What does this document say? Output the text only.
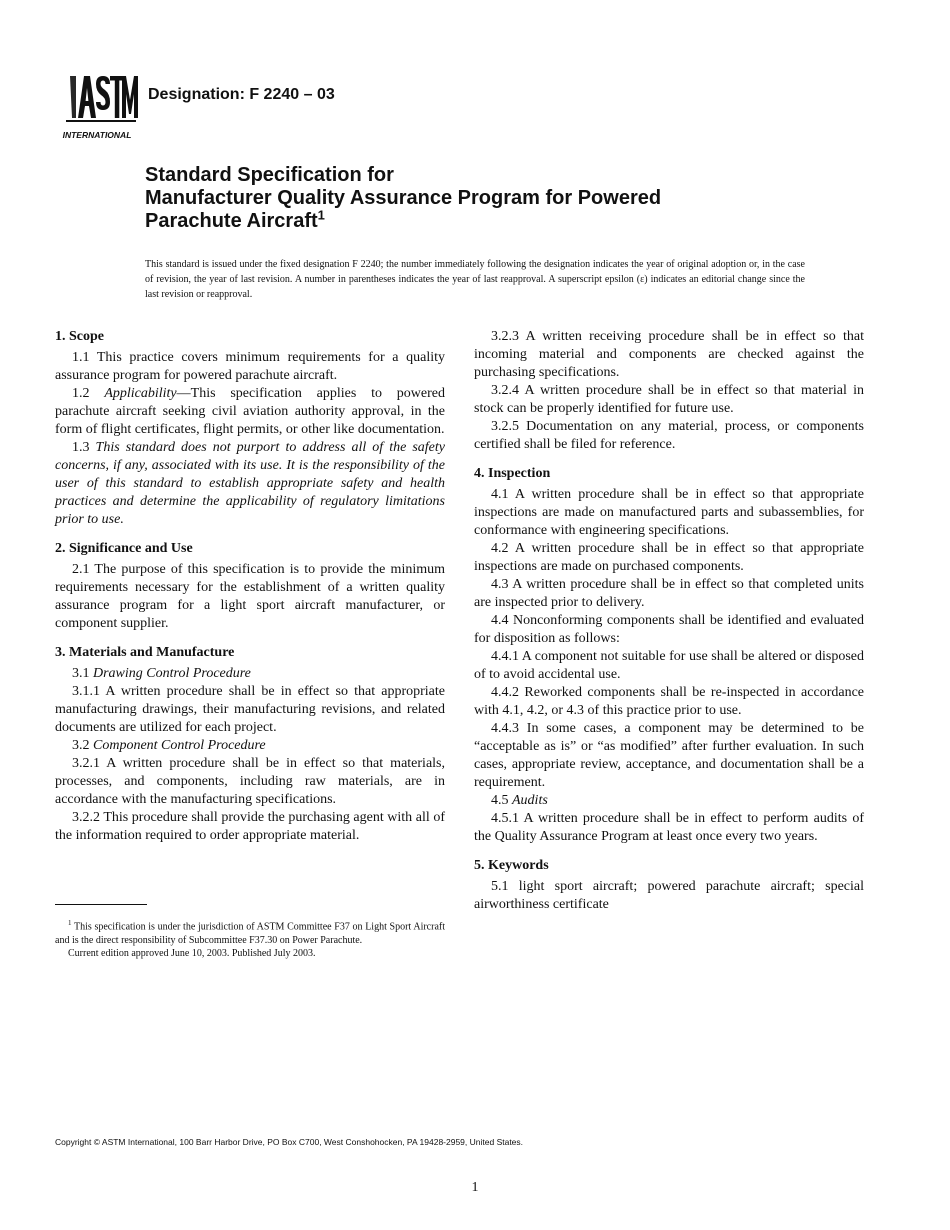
INTERNATIONAL
Designation: F 2240 – 03
Standard Specification for
Manufacturer Quality Assurance Program for Powered
Parachute Aircraft$^1$
This standard is issued under the fixed designation F 2240; the number immediately following the designation indicates the year of original adoption or, in the case of revision, the year of last revision. A number in parentheses indicates the year of last reapproval. A superscript epsilon (ε) indicates an editorial change since the last revision or reapproval.
1. Scope

1.1 This practice covers minimum requirements for a quality assurance program for powered parachute aircraft.

1.2 Applicability—This specification applies to powered parachute aircraft seeking civil aviation authority approval, in the form of flight certificates, flight permits, or other like documentation.

1.3 This standard does not purport to address all of the safety concerns, if any, associated with its use. It is the responsibility of the user of this standard to establish appropriate safety and health practices and determine the applicability of regulatory limitations prior to use.

2. Significance and Use

2.1 The purpose of this specification is to provide the minimum requirements necessary for the establishment of a written quality assurance program for a light sport aircraft manufacturer, or component supplier.

3. Materials and Manufacture

3.1 Drawing Control Procedure

3.1.1 A written procedure shall be in effect so that appropriate manufacturing drawings, their manufacturing revisions, and related documents are utilized for each project.

3.2 Component Control Procedure

3.2.1 A written procedure shall be in effect so that materials, processes, and components, including raw materials, are in accordance with the manufacturing specifications.

3.2.2 This procedure shall provide the purchasing agent with all of the information required to order appropriate material.

3.2.3 A written receiving procedure shall be in effect so that incoming material and components are checked against the purchasing specifications.

3.2.4 A written procedure shall be in effect so that material in stock can be properly identified for future use.

3.2.5 Documentation on any material, process, or components certified shall be filed for reference.

4. Inspection

4.1 A written procedure shall be in effect so that appropriate inspections are made on manufactured parts and subassemblies, for conformance with engineering specifications.

4.2 A written procedure shall be in effect so that appropriate inspections are made on purchased components.

4.3 A written procedure shall be in effect so that completed units are inspected prior to delivery.

4.4 Nonconforming components shall be identified and evaluated for disposition as follows:

4.4.1 A component not suitable for use shall be altered or disposed of to avoid accidental use.

4.4.2 Reworked components shall be re-inspected in accordance with 4.1, 4.2, or 4.3 of this practice prior to use.

4.4.3 In some cases, a component may be determined to be “acceptable as is” or “as modified” after further evaluation. In such cases, appropriate review, acceptance, and documentation shall be a requirement.

4.5 Audits

4.5.1 A written procedure shall be in effect to perform audits of the Quality Assurance Program at least once every two years.

5. Keywords

5.1 light sport aircraft; powered parachute aircraft; special airworthiness certificate

$^1$ This specification is under the jurisdiction of ASTM Committee F37 on Light Sport Aircraft and is the direct responsibility of Subcommittee F37.30 on Power Parachute.

Current edition approved June 10, 2003. Published July 2003.

Copyright © ASTM International, 100 Barr Harbor Drive, PO Box C700, West Conshohocken, PA 19428-2959, United States.
1
